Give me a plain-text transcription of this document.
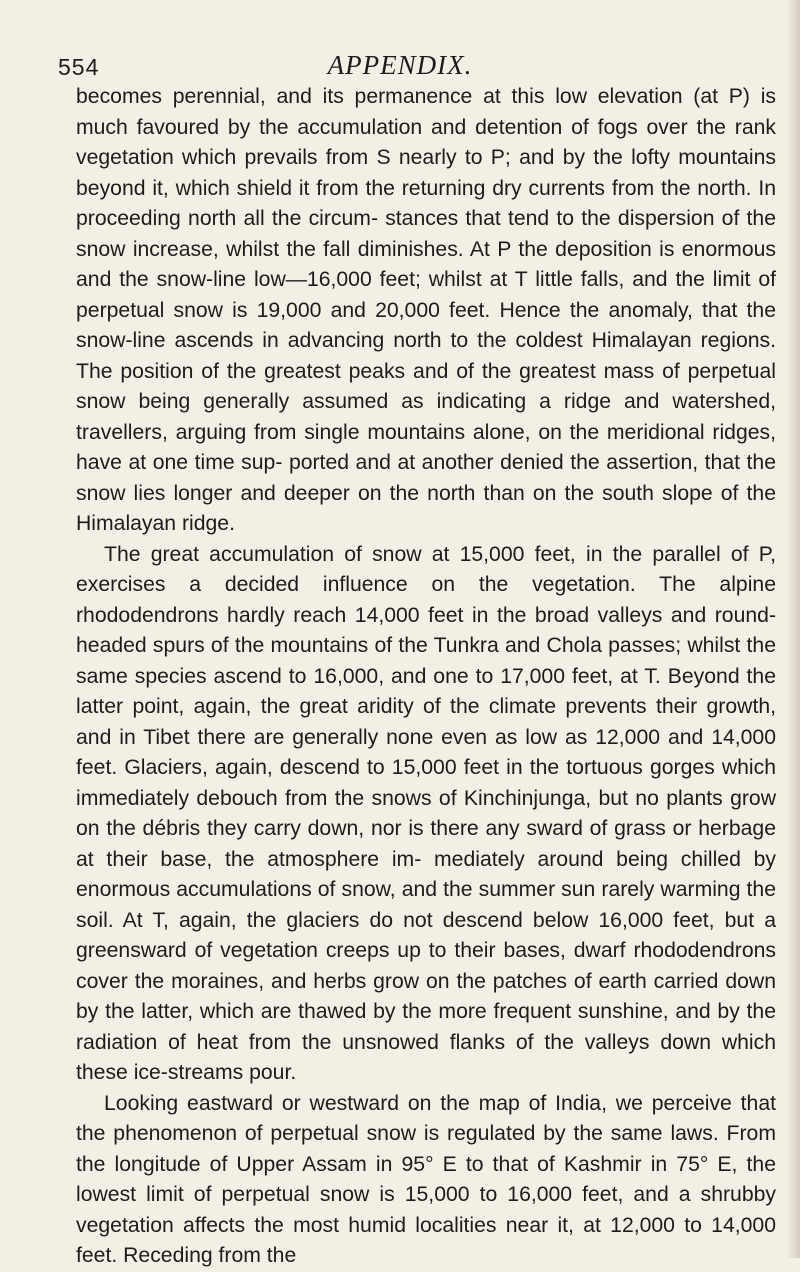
554	APPENDIX.

becomes perennial, and its permanence at this low elevation (at P) is much favoured by the accumulation and detention of fogs over the rank vegetation which prevails from S nearly to P; and by the lofty mountains beyond it, which shield it from the returning dry currents from the north. In proceeding north all the circum- stances that tend to the dispersion of the snow increase, whilst the fall diminishes. At P the deposition is enormous and the snow-line low—16,000 feet; whilst at T little falls, and the limit of perpetual snow is 19,000 and 20,000 feet. Hence the anomaly, that the snow-line ascends in advancing north to the coldest Himalayan regions. The position of the greatest peaks and of the greatest mass of perpetual snow being generally assumed as indicating a ridge and watershed, travellers, arguing from single mountains alone, on the meridional ridges, have at one time sup- ported and at another denied the assertion, that the snow lies longer and deeper on the north than on the south slope of the Himalayan ridge.

The great accumulation of snow at 15,000 feet, in the parallel of P, exercises a decided influence on the vegetation. The alpine rhododendrons hardly reach 14,000 feet in the broad valleys and round-headed spurs of the mountains of the Tunkra and Chola passes; whilst the same species ascend to 16,000, and one to 17,000 feet, at T. Beyond the latter point, again, the great aridity of the climate prevents their growth, and in Tibet there are generally none even as low as 12,000 and 14,000 feet. Glaciers, again, descend to 15,000 feet in the tortuous gorges which immediately debouch from the snows of Kinchinjunga, but no plants grow on the débris they carry down, nor is there any sward of grass or herbage at their base, the atmosphere im- mediately around being chilled by enormous accumulations of snow, and the summer sun rarely warming the soil. At T, again, the glaciers do not descend below 16,000 feet, but a greensward of vegetation creeps up to their bases, dwarf rhododendrons cover the moraines, and herbs grow on the patches of earth carried down by the latter, which are thawed by the more frequent sunshine, and by the radiation of heat from the unsnowed flanks of the valleys down which these ice-streams pour.

Looking eastward or westward on the map of India, we perceive that the phenomenon of perpetual snow is regulated by the same laws. From the longitude of Upper Assam in 95° E to that of Kashmir in 75° E, the lowest limit of perpetual snow is 15,000 to 16,000 feet, and a shrubby vegetation affects the most humid localities near it, at 12,000 to 14,000 feet. Receding from the
